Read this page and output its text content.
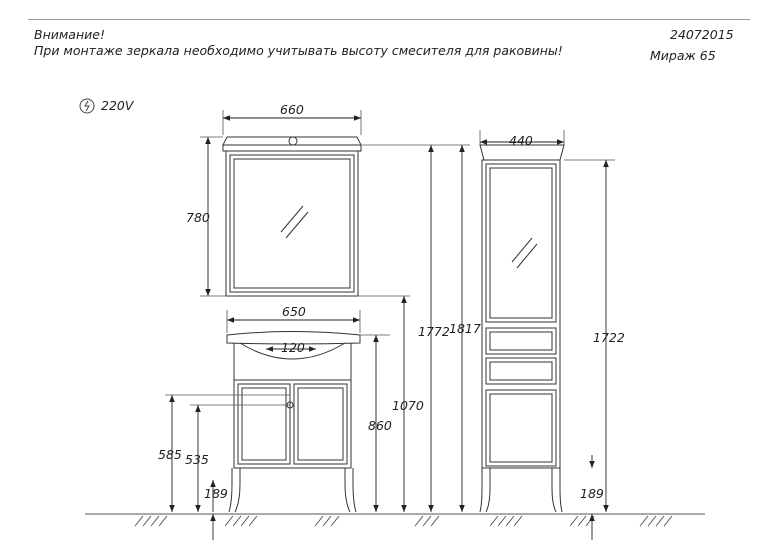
Внимание!
При монтаже зеркала необходимо учитывать высоту смесителя для раковины!
24072015
Мираж 65
220V	660
780
650
120
1772
1070
860
585 535
189
1817
440
1722
189
